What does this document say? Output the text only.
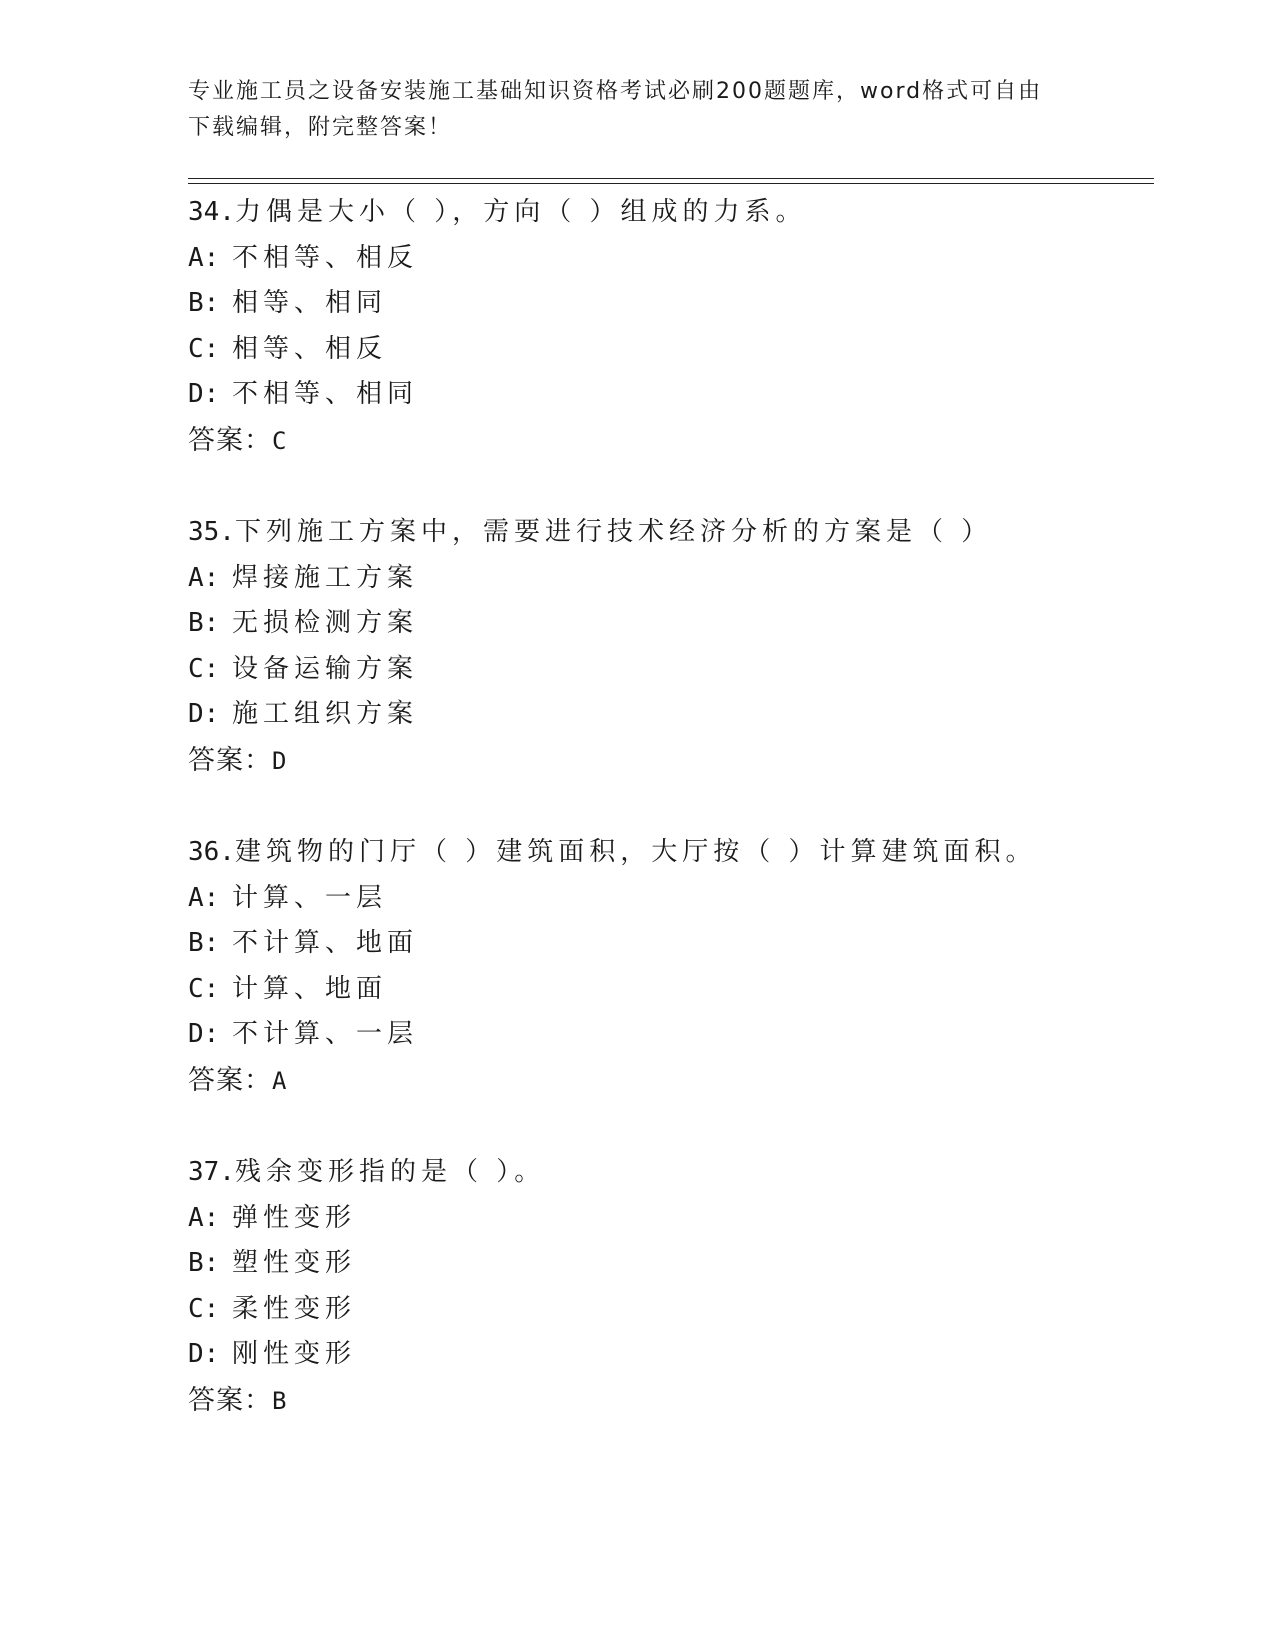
专业施工员之设备安装施工基础知识资格考试必刷200题题库，word格式可自由
下载编辑，附完整答案！
34.力偶是大小（ ），方向（ ）组成的力系。
A: 不相等、相反
B: 相等、相同
C: 相等、相反
D: 不相等、相同
答案：C
35.下列施工方案中，需要进行技术经济分析的方案是（ ）
A: 焊接施工方案
B: 无损检测方案
C: 设备运输方案
D: 施工组织方案
答案：D
36.建筑物的门厅（ ）建筑面积，大厅按（ ）计算建筑面积。
A: 计算、一层
B: 不计算、地面
C: 计算、地面
D: 不计算、一层
答案：A
37.残余变形指的是（ ）。
A: 弹性变形
B: 塑性变形
C: 柔性变形
D: 刚性变形
答案：B
